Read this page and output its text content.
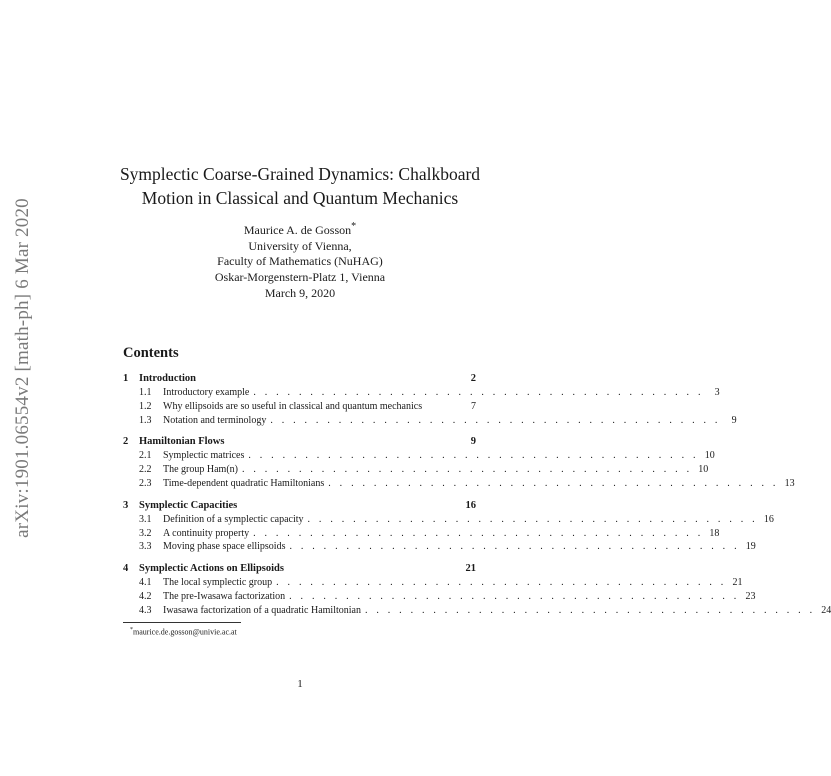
arXiv:1901.06554v2 [math-ph] 6 Mar 2020
Symplectic Coarse-Grained Dynamics: Chalkboard
Motion in Classical and Quantum Mechanics
Maurice A. de Gosson*
University of Vienna,
Faculty of Mathematics (NuHAG)
Oskar-Morgenstern-Platz 1, Vienna
March 9, 2020
Contents
1	Introduction	2
1.1	Introductory example . . . . . . . . . . . . . . . . . . . . . . . . . . . . . . . . . . . . . . . .	3
1.2	Why ellipsoids are so useful in classical and quantum mechanics	7
1.3	Notation and terminology . . . . . . . . . . . . . . . . . . . . . . . . . . . . . . . . . . . . . . . .	9
2	Hamiltonian Flows	9
2.1	Symplectic matrices . . . . . . . . . . . . . . . . . . . . . . . . . . . . . . . . . . . . . . . . 10
2.2	The group Ham(n) . . . . . . . . . . . . . . . . . . . . . . . . . . . . . . . . . . . . . . . . 10
2.3	Time-dependent quadratic Hamiltonians . . . . . . . . . . . . . . . . . . . . . . . . . . . . . . . . . . . . . . . . 13
3	Symplectic Capacities	16
3.1	Definition of a symplectic capacity . . . . . . . . . . . . . . . . . . . . . . . . . . . . . . . . . . . . . . . . 16
3.2	A continuity property . . . . . . . . . . . . . . . . . . . . . . . . . . . . . . . . . . . . . . . . 18
3.3	Moving phase space ellipsoids . . . . . . . . . . . . . . . . . . . . . . . . . . . . . . . . . . . . . . . . 19
4	Symplectic Actions on Ellipsoids	21
4.1	The local symplectic group . . . . . . . . . . . . . . . . . . . . . . . . . . . . . . . . . . . . . . . . 21
4.2	The pre-Iwasawa factorization . . . . . . . . . . . . . . . . . . . . . . . . . . . . . . . . . . . . . . . . 23
4.3	Iwasawa factorization of a quadratic Hamiltonian . . . . . . . . . . . . . . . . . . . . . . . . . . . . . . . . . . . . . . . . 24
*maurice.de.gosson@univie.ac.at
1
